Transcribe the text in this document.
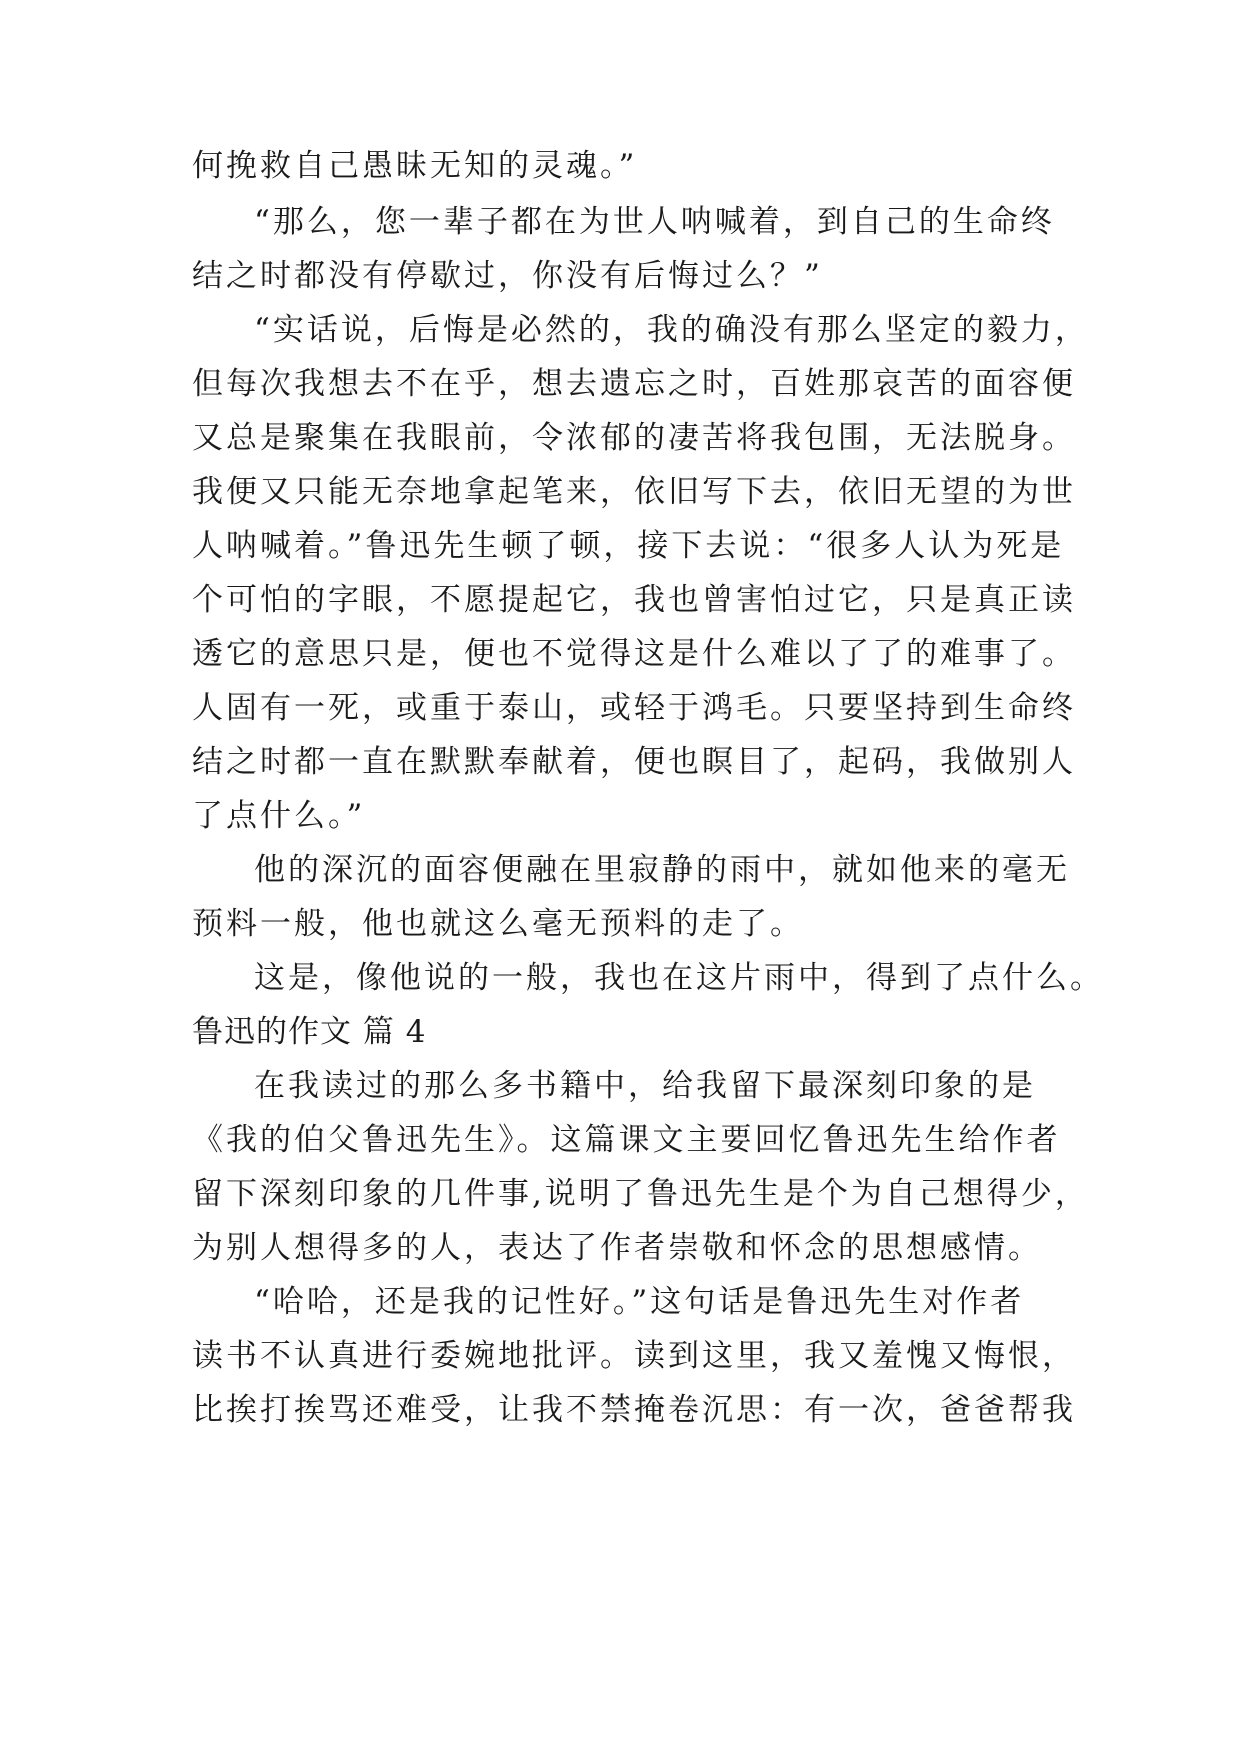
何挽救自己愚昧无知的灵魂。”
“那么，您一辈子都在为世人呐喊着，到自己的生命终
结之时都没有停歇过，你没有后悔过么？”
“实话说，后悔是必然的，我的确没有那么坚定的毅力，
但每次我想去不在乎，想去遗忘之时，百姓那哀苦的面容便
又总是聚集在我眼前，令浓郁的凄苦将我包围，无法脱身。
我便又只能无奈地拿起笔来，依旧写下去，依旧无望的为世
人呐喊着。”鲁迅先生顿了顿，接下去说：“很多人认为死是
个可怕的字眼，不愿提起它，我也曾害怕过它，只是真正读
透它的意思只是，便也不觉得这是什么难以了了的难事了。
人固有一死，或重于泰山，或轻于鸿毛。只要坚持到生命终
结之时都一直在默默奉献着，便也瞑目了，起码，我做别人
了点什么。”
他的深沉的面容便融在里寂静的雨中，就如他来的毫无
预料一般，他也就这么毫无预料的走了。
这是，像他说的一般，我也在这片雨中，得到了点什么。
鲁迅的作文 篇 4
在我读过的那么多书籍中，给我留下最深刻印象的是
《我的伯父鲁迅先生》。这篇课文主要回忆鲁迅先生给作者
留下深刻印象的几件事,说明了鲁迅先生是个为自己想得少，
为别人想得多的人，表达了作者崇敬和怀念的思想感情。
“哈哈，还是我的记性好。”这句话是鲁迅先生对作者
读书不认真进行委婉地批评。读到这里，我又羞愧又悔恨，
比挨打挨骂还难受，让我不禁掩卷沉思：有一次，爸爸帮我
